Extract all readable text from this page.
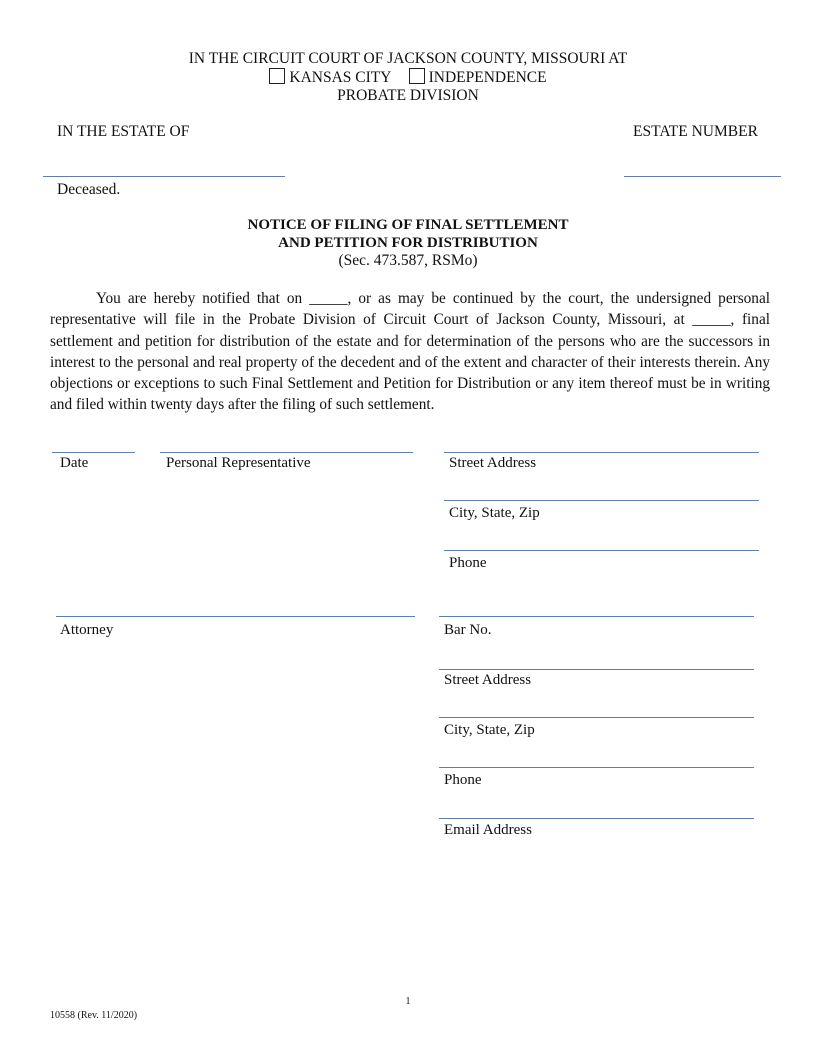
IN THE CIRCUIT COURT OF JACKSON COUNTY, MISSOURI AT
KANSAS CITY INDEPENDENCE
PROBATE DIVISION
IN THE ESTATE OF	ESTATE NUMBER
Deceased.
NOTICE OF FILING OF FINAL SETTLEMENT
AND PETITION FOR DISTRIBUTION
(Sec. 473.587, RSMo)
You are hereby notified that on _____, or as may be continued by the court, the undersigned personal representative will file in the Probate Division of Circuit Court of Jackson County, Missouri, at _____, final settlement and petition for distribution of the estate and for determination of the persons who are the successors in interest to the personal and real property of the decedent and of the extent and character of their interests therein. Any objections or exceptions to such Final Settlement and Petition for Distribution or any item thereof must be in writing and filed within twenty days after the filing of such settlement.
Date	Personal Representative	Street Address
City, State, Zip
Phone
Attorney	Bar No.
Street Address
City, State, Zip
Phone
Email Address
1
10558 (Rev. 11/2020)
